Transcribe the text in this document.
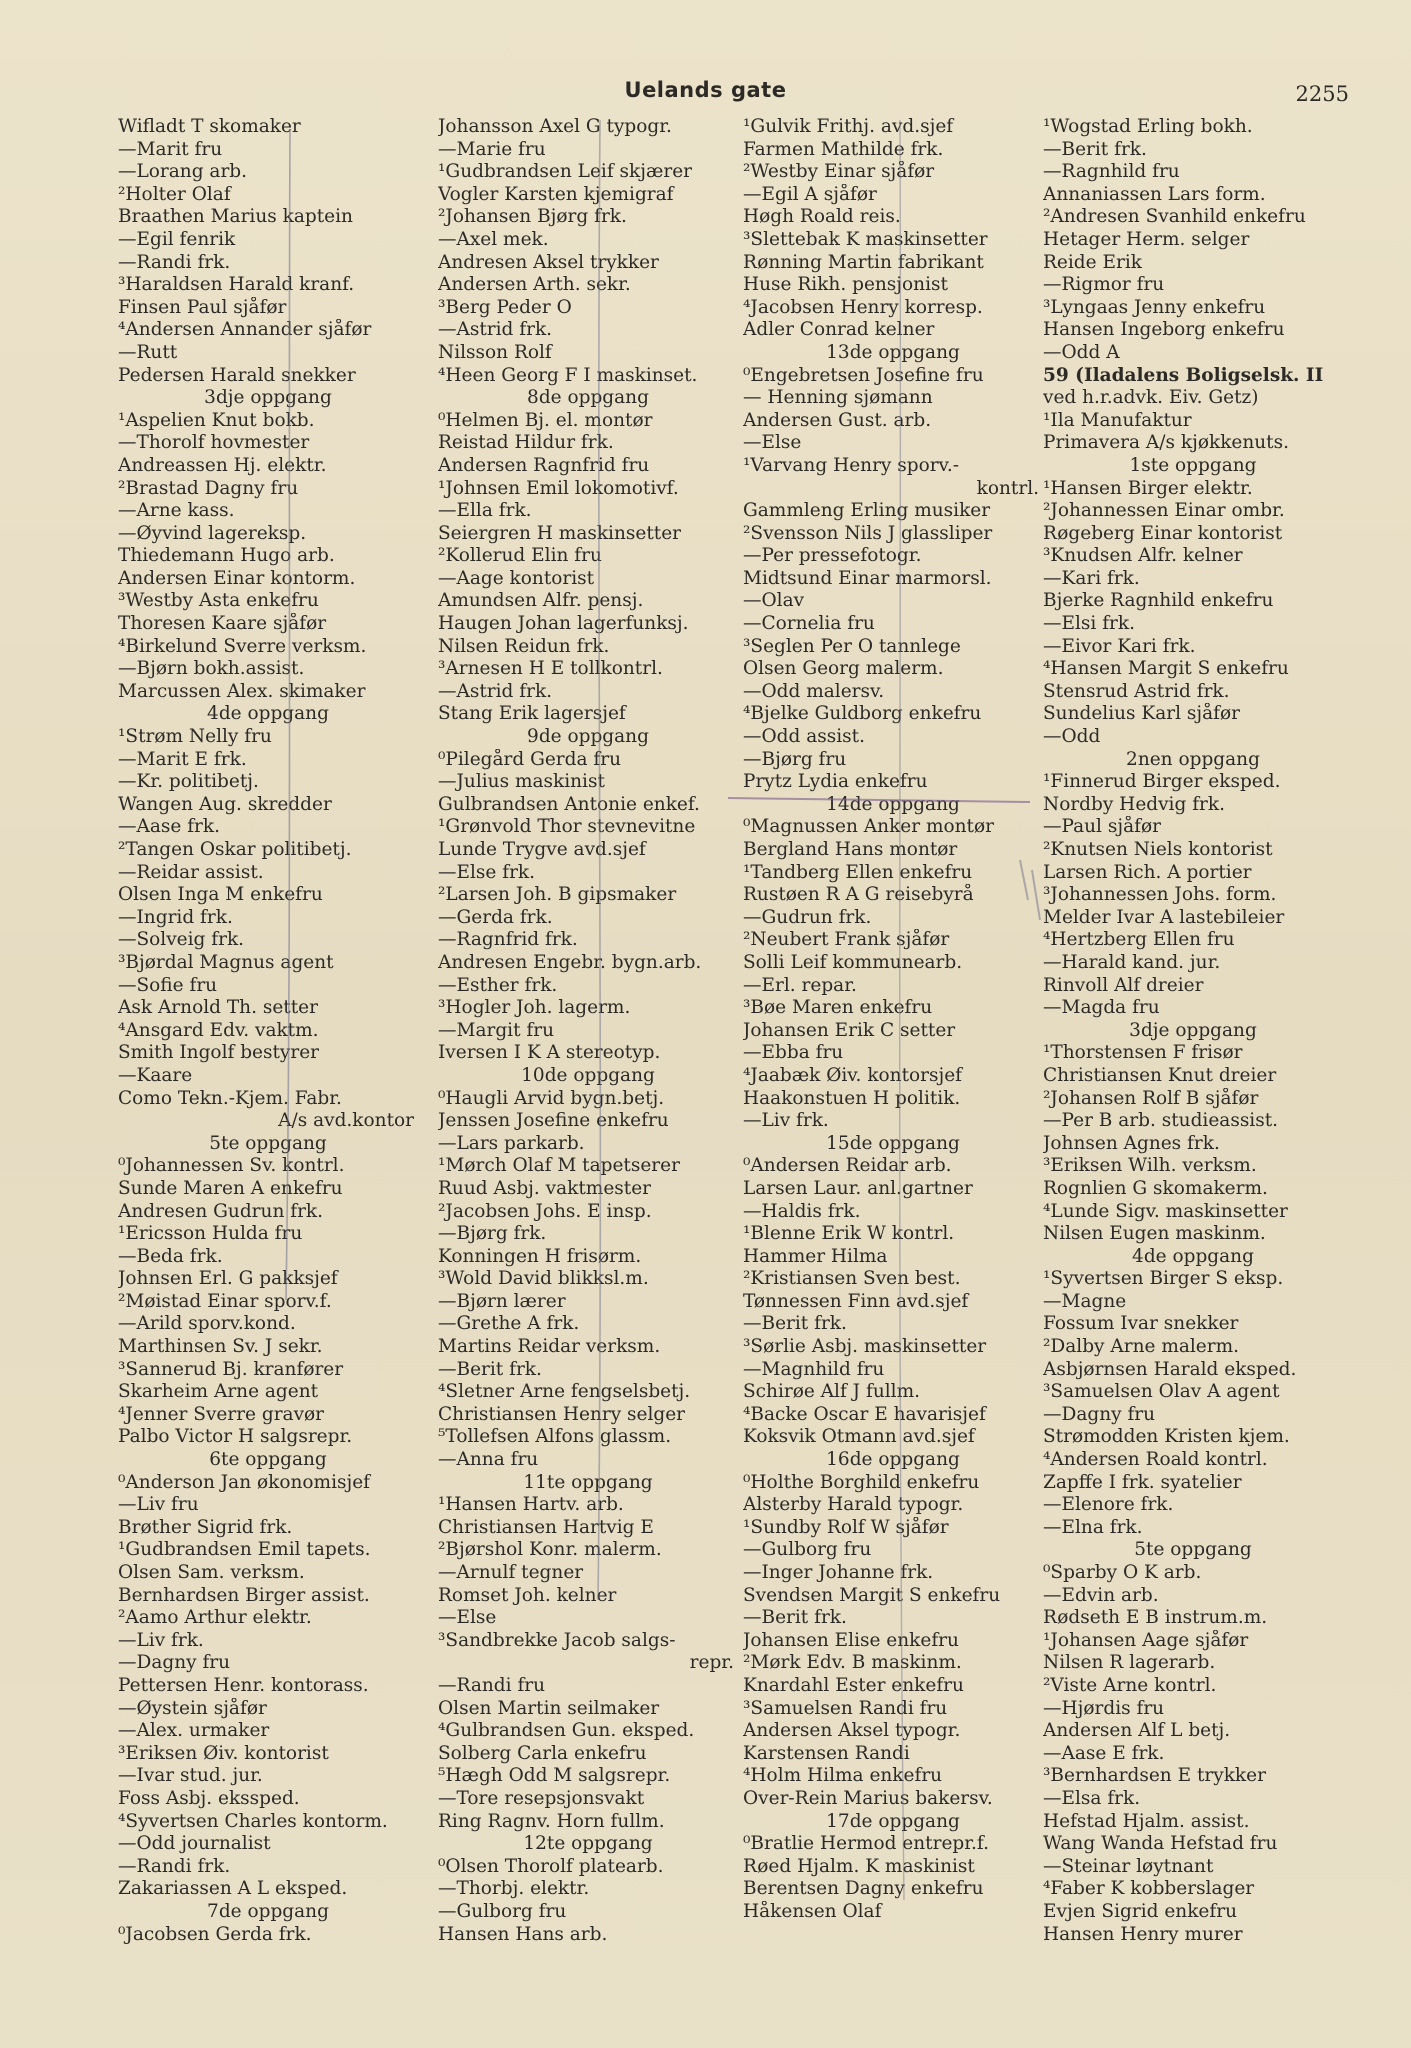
Uelands gate	2255
Wifladt T skomaker
—Marit fru
—Lorang arb.
²Holter Olaf
Braathen Marius kaptein
—Egil fenrik
—Randi frk.
³Haraldsen Harald kranf.
Finsen Paul sjåfør
⁴Andersen Annander sjåfør
—Rutt
Pedersen Harald snekker
3dje oppgang
¹Aspelien Knut bokb.
—Thorolf hovmester
Andreassen Hj. elektr.
²Brastad Dagny fru
—Arne kass.
—Øyvind lagereksp.
Thiedemann Hugo arb.
Andersen Einar kontorm.
³Westby Asta enkefru
Thoresen Kaare sjåfør
⁴Birkelund Sverre verksm.
—Bjørn bokh.assist.
Marcussen Alex. skimaker
4de oppgang
¹Strøm Nelly fru
—Marit E frk.
—Kr. politibetj.
Wangen Aug. skredder
—Aase frk.
²Tangen Oskar politibetj.
—Reidar assist.
Olsen Inga M enkefru
—Ingrid frk.
—Solveig frk.
³Bjørdal Magnus agent
—Sofie fru
Ask Arnold Th. setter
⁴Ansgard Edv. vaktm.
Smith Ingolf bestyrer
—Kaare
Como Tekn.-Kjem. Fabr.
A/s avd.kontor
5te oppgang
⁰Johannessen Sv. kontrl.
Sunde Maren A enkefru
Andresen Gudrun frk.
¹Ericsson Hulda fru
—Beda frk.
Johnsen Erl. G pakksjef
²Møistad Einar sporv.f.
—Arild sporv.kond.
Marthinsen Sv. J sekr.
³Sannerud Bj. kranfører
Skarheim Arne agent
⁴Jenner Sverre gravør
Palbo Victor H salgsrepr.
6te oppgang
⁰Anderson Jan økonomisjef
—Liv fru
Brøther Sigrid frk.
¹Gudbrandsen Emil tapets.
Olsen Sam. verksm.
Bernhardsen Birger assist.
²Aamo Arthur elektr.
—Liv frk.
—Dagny fru
Pettersen Henr. kontorass.
—Øystein sjåfør
—Alex. urmaker
³Eriksen Øiv. kontorist
—Ivar stud. jur.
Foss Asbj. ekssped.
⁴Syvertsen Charles kontorm.
—Odd journalist
—Randi frk.
Zakariassen A L eksped.
7de oppgang
⁰Jacobsen Gerda frk.
Johansson Axel G typogr.
—Marie fru
¹Gudbrandsen Leif skjærer
Vogler Karsten kjemigraf
²Johansen Bjørg frk.
—Axel mek.
Andresen Aksel trykker
Andersen Arth. sekr.
³Berg Peder O
—Astrid frk.
Nilsson Rolf
⁴Heen Georg F I maskinset.
8de oppgang
⁰Helmen Bj. el. montør
Reistad Hildur frk.
Andersen Ragnfrid fru
¹Johnsen Emil lokomotivf.
—Ella frk.
Seiergren H maskinsetter
²Kollerud Elin fru
—Aage kontorist
Amundsen Alfr. pensj.
Haugen Johan lagerfunksj.
Nilsen Reidun frk.
³Arnesen H E tollkontrl.
—Astrid frk.
Stang Erik lagersjef
9de oppgang
⁰Pilegård Gerda fru
—Julius maskinist
Gulbrandsen Antonie enkef.
¹Grønvold Thor stevnevitne
Lunde Trygve avd.sjef
—Else frk.
²Larsen Joh. B gipsmaker
—Gerda frk.
—Ragnfrid frk.
Andresen Engebr. bygn.arb.
—Esther frk.
³Hogler Joh. lagerm.
—Margit fru
Iversen I K A stereotyp.
10de oppgang
⁰Haugli Arvid bygn.betj.
Jenssen Josefine enkefru
—Lars parkarb.
¹Mørch Olaf M tapetserer
Ruud Asbj. vaktmester
²Jacobsen Johs. E insp.
—Bjørg frk.
Konningen H frisørm.
³Wold David blikksl.m.
—Bjørn lærer
—Grethe A frk.
Martins Reidar verksm.
—Berit frk.
⁴Sletner Arne fengselsbetj.
Christiansen Henry selger
⁵Tollefsen Alfons glassm.
—Anna fru
11te oppgang
¹Hansen Hartv. arb.
Christiansen Hartvig E
²Bjørshol Konr. malerm.
—Arnulf tegner
Romset Joh. kelner
—Else
³Sandbrekke Jacob salgs-
repr.
—Randi fru
Olsen Martin seilmaker
⁴Gulbrandsen Gun. eksped.
Solberg Carla enkefru
⁵Hægh Odd M salgsrepr.
—Tore resepsjonsvakt
Ring Ragnv. Horn fullm.
12te oppgang
⁰Olsen Thorolf platearb.
—Thorbj. elektr.
—Gulborg fru
Hansen Hans arb.
¹Gulvik Frithj. avd.sjef
Farmen Mathilde frk.
²Westby Einar sjåfør
—Egil A sjåfør
Høgh Roald reis.
³Slettebak K maskinsetter
Rønning Martin fabrikant
Huse Rikh. pensjonist
⁴Jacobsen Henry korresp.
Adler Conrad kelner
13de oppgang
⁰Engebretsen Josefine fru
— Henning sjømann
Andersen Gust. arb.
—Else
¹Varvang Henry sporv.-
kontrl.
Gammleng Erling musiker
²Svensson Nils J glassliper
—Per pressefotogr.
Midtsund Einar marmorsl.
—Olav
—Cornelia fru
³Seglen Per O tannlege
Olsen Georg malerm.
—Odd malersv.
⁴Bjelke Guldborg enkefru
—Odd assist.
—Bjørg fru
Prytz Lydia enkefru
14de oppgang
⁰Magnussen Anker montør
Bergland Hans montør
¹Tandberg Ellen enkefru
Rustøen R A G reisebyrå
—Gudrun frk.
²Neubert Frank sjåfør
Solli Leif kommunearb.
—Erl. repar.
³Bøe Maren enkefru
Johansen Erik C setter
—Ebba fru
⁴Jaabæk Øiv. kontorsjef
Haakonstuen H politik.
—Liv frk.
15de oppgang
⁰Andersen Reidar arb.
Larsen Laur. anl.gartner
—Haldis frk.
¹Blenne Erik W kontrl.
Hammer Hilma
²Kristiansen Sven best.
Tønnessen Finn avd.sjef
—Berit frk.
³Sørlie Asbj. maskinsetter
—Magnhild fru
Schirøe Alf J fullm.
⁴Backe Oscar E havarisjef
Koksvik Otmann avd.sjef
16de oppgang
⁰Holthe Borghild enkefru
Alsterby Harald typogr.
¹Sundby Rolf W sjåfør
—Gulborg fru
—Inger Johanne frk.
Svendsen Margit S enkefru
—Berit frk.
Johansen Elise enkefru
²Mørk Edv. B maskinm.
Knardahl Ester enkefru
³Samuelsen Randi fru
Andersen Aksel typogr.
Karstensen Randi
⁴Holm Hilma enkefru
Over-Rein Marius bakersv.
17de oppgang
⁰Bratlie Hermod entrepr.f.
Røed Hjalm. K maskinist
Berentsen Dagny enkefru
Håkensen Olaf
¹Wogstad Erling bokh.
—Berit frk.
—Ragnhild fru
Annaniassen Lars form.
²Andresen Svanhild enkefru
Hetager Herm. selger
Reide Erik
—Rigmor fru
³Lyngaas Jenny enkefru
Hansen Ingeborg enkefru
—Odd A
59 (Iladalens Boligselsk. II
ved h.r.advk. Eiv. Getz)
¹Ila Manufaktur
Primavera A/s kjøkkenuts.
1ste oppgang
¹Hansen Birger elektr.
²Johannessen Einar ombr.
Røgeberg Einar kontorist
³Knudsen Alfr. kelner
—Kari frk.
Bjerke Ragnhild enkefru
—Elsi frk.
—Eivor Kari frk.
⁴Hansen Margit S enkefru
Stensrud Astrid frk.
Sundelius Karl sjåfør
—Odd
2nen oppgang
¹Finnerud Birger eksped.
Nordby Hedvig frk.
—Paul sjåfør
²Knutsen Niels kontorist
Larsen Rich. A portier
³Johannessen Johs. form.
Melder Ivar A lastebileier
⁴Hertzberg Ellen fru
—Harald kand. jur.
Rinvoll Alf dreier
—Magda fru
3dje oppgang
¹Thorstensen F frisør
Christiansen Knut dreier
²Johansen Rolf B sjåfør
—Per B arb. studieassist.
Johnsen Agnes frk.
³Eriksen Wilh. verksm.
Rognlien G skomakerm.
⁴Lunde Sigv. maskinsetter
Nilsen Eugen maskinm.
4de oppgang
¹Syvertsen Birger S eksp.
—Magne
Fossum Ivar snekker
²Dalby Arne malerm.
Asbjørnsen Harald eksped.
³Samuelsen Olav A agent
—Dagny fru
Strømodden Kristen kjem.
⁴Andersen Roald kontrl.
Zapffe I frk. syatelier
—Elenore frk.
—Elna frk.
5te oppgang
⁰Sparby O K arb.
—Edvin arb.
Rødseth E B instrum.m.
¹Johansen Aage sjåfør
Nilsen R lagerarb.
²Viste Arne kontrl.
—Hjørdis fru
Andersen Alf L betj.
—Aase E frk.
³Bernhardsen E trykker
—Elsa frk.
Hefstad Hjalm. assist.
Wang Wanda Hefstad fru
—Steinar løytnant
⁴Faber K kobberslager
Evjen Sigrid enkefru
Hansen Henry murer
